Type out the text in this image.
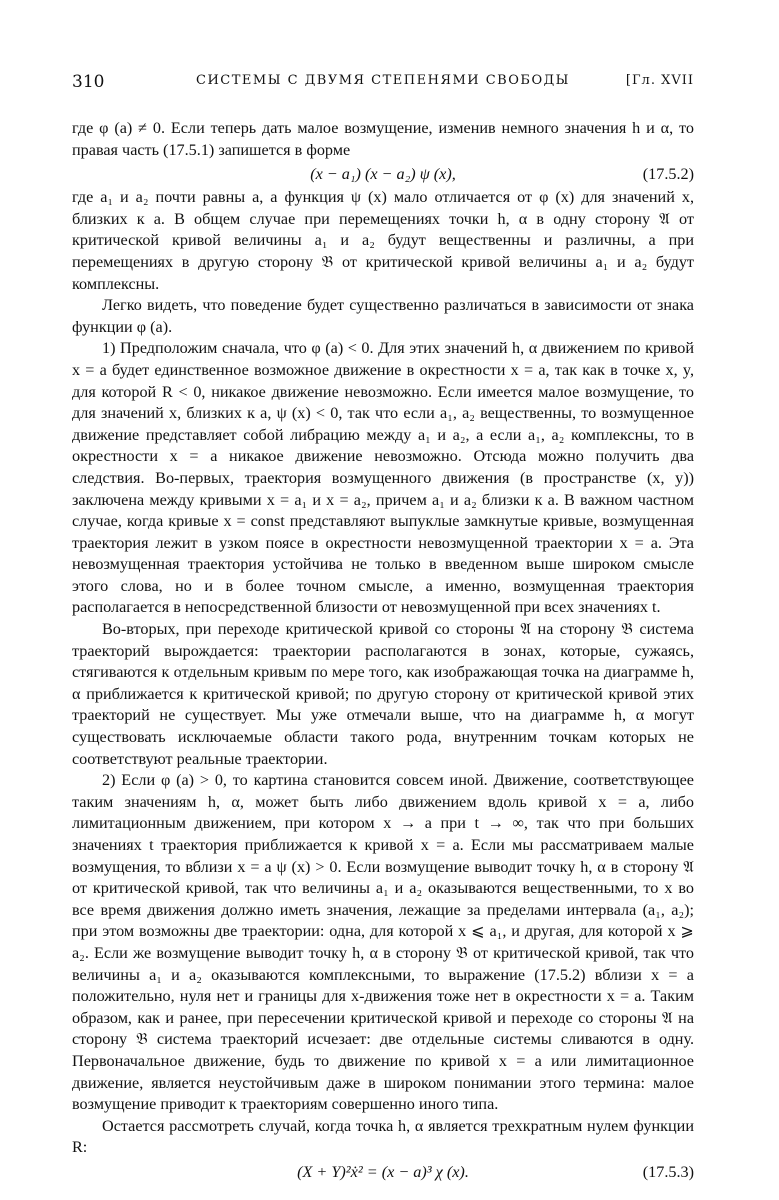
310	СИСТЕМЫ С ДВУМЯ СТЕПЕНЯМИ СВОБОДЫ	[Гл. XVII

где φ (a) ≠ 0. Если теперь дать малое возмущение, изменив немного значения h и α, то правая часть (17.5.1) запишется в форме

(x − a₁) (x − a₂) ψ (x),	(17.5.2)

где a₁ и a₂ почти равны a, а функция ψ (x) мало отличается от φ (x) для значений x, близких к a. В общем случае при перемещениях точки h, α в одну сторону 𝔄 от критической кривой величины a₁ и a₂ будут вещественны и различны, а при перемещениях в другую сторону 𝔅 от критической кривой величины a₁ и a₂ будут комплексны.

Легко видеть, что поведение будет существенно различаться в зависимости от знака функции φ (a).

1) Предположим сначала, что φ (a) < 0. Для этих значений h, α движением по кривой x = a будет единственное возможное движение в окрестности x = a, так как в точке x, y, для которой R < 0, никакое движение невозможно. Если имеется малое возмущение, то для значений x, близких к a, ψ (x) < 0, так что если a₁, a₂ вещественны, то возмущенное движение представляет собой либрацию между a₁ и a₂, а если a₁, a₂ комплексны, то в окрестности x = a никакое движение невозможно. Отсюда можно получить два следствия. Во-первых, траектория возмущенного движения (в пространстве (x, y)) заключена между кривыми x = a₁ и x = a₂, причем a₁ и a₂ близки к a. В важном частном случае, когда кривые x = const представляют выпуклые замкнутые кривые, возмущенная траектория лежит в узком поясе в окрестности невозмущенной траектории x = a. Эта невозмущенная траектория устойчива не только в введенном выше широком смысле этого слова, но и в более точном смысле, а именно, возмущенная траектория располагается в непосредственной близости от невозмущенной при всех значениях t.

Во-вторых, при переходе критической кривой со стороны 𝔄 на сторону 𝔅 система траекторий вырождается: траектории располагаются в зонах, которые, сужаясь, стягиваются к отдельным кривым по мере того, как изображающая точка на диаграмме h, α приближается к критической кривой; по другую сторону от критической кривой этих траекторий не существует. Мы уже отмечали выше, что на диаграмме h, α могут существовать исключаемые области такого рода, внутренним точкам которых не соответствуют реальные траектории.

2) Если φ (a) > 0, то картина становится совсем иной. Движение, соответствующее таким значениям h, α, может быть либо движением вдоль кривой x = a, либо лимитационным движением, при котором x → a при t → ∞, так что при больших значениях t траектория приближается к кривой x = a. Если мы рассматриваем малые возмущения, то вблизи x = a ψ (x) > 0. Если возмущение выводит точку h, α в сторону 𝔄 от критической кривой, так что величины a₁ и a₂ оказываются вещественными, то x во все время движения должно иметь значения, лежащие за пределами интервала (a₁, a₂); при этом возможны две траектории: одна, для которой x ⩽ a₁, и другая, для которой x ⩾ a₂. Если же возмущение выводит точку h, α в сторону 𝔅 от критической кривой, так что величины a₁ и a₂ оказываются комплексными, то выражение (17.5.2) вблизи x = a положительно, нуля нет и границы для x-движения тоже нет в окрестности x = a. Таким образом, как и ранее, при пересечении критической кривой и переходе со стороны 𝔄 на сторону 𝔅 система траекторий исчезает: две отдельные системы сливаются в одну. Первоначальное движение, будь то движение по кривой x = a или лимитационное движение, является неустойчивым даже в широком понимании этого термина: малое возмущение приводит к траекториям совершенно иного типа.

Остается рассмотреть случай, когда точка h, α является трехкратным нулем функции R:

(X + Y)²ẋ² = (x − a)³ χ (x).	(17.5.3)
